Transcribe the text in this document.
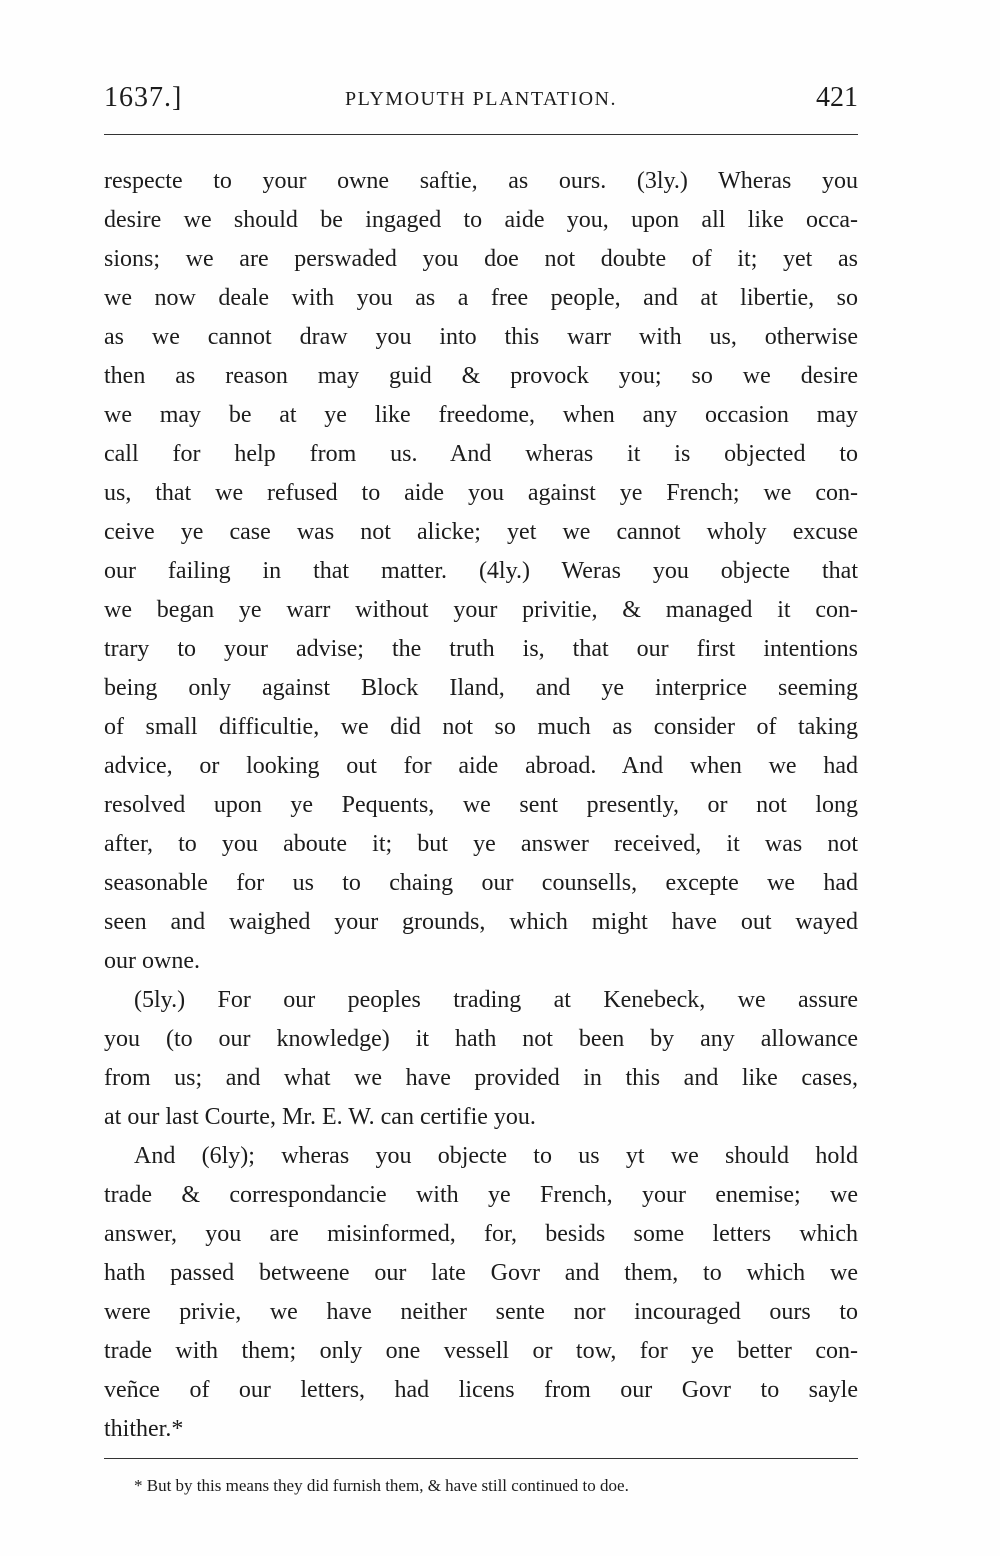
1637.]	PLYMOUTH PLANTATION.	421
respecte to your owne saftie, as ours. (3ly.) Wheras you
desire we should be ingaged to aide you, upon all like occa-
sions; we are perswaded you doe not doubte of it; yet as
we now deale with you as a free people, and at libertie, so
as we cannot draw you into this warr with us, otherwise
then as reason may guid & provock you; so we desire
we may be at ye like freedome, when any occasion may
call for help from us. And wheras it is objected to
us, that we refused to aide you against ye French; we con-
ceive ye case was not alicke; yet we cannot wholy excuse
our failing in that matter. (4ly.) Weras you objecte that
we began ye warr without your privitie, & managed it con-
trary to your advise; the truth is, that our first intentions
being only against Block Iland, and ye interprice seeming
of small difficultie, we did not so much as consider of taking
advice, or looking out for aide abroad. And when we had
resolved upon ye Pequents, we sent presently, or not long
after, to you aboute it; but ye answer received, it was not
seasonable for us to chaing our counsells, excepte we had
seen and waighed your grounds, which might have out wayed
our owne.
(5ly.) For our peoples trading at Kenebeck, we assure
you (to our knowledge) it hath not been by any allowance
from us; and what we have provided in this and like cases,
at our last Courte, Mr. E. W. can certifie you.
And (6ly); wheras you objecte to us yt we should hold
trade & correspondancie with ye French, your enemise; we
answer, you are misinformed, for, besids some letters which
hath passed betweene our late Govr and them, to which we
were privie, we have neither sente nor incouraged ours to
trade with them; only one vessell or tow, for ye better con-
veñce of our letters, had licens from our Govr to sayle
thither.*
* But by this means they did furnish them, & have still continued to doe.
